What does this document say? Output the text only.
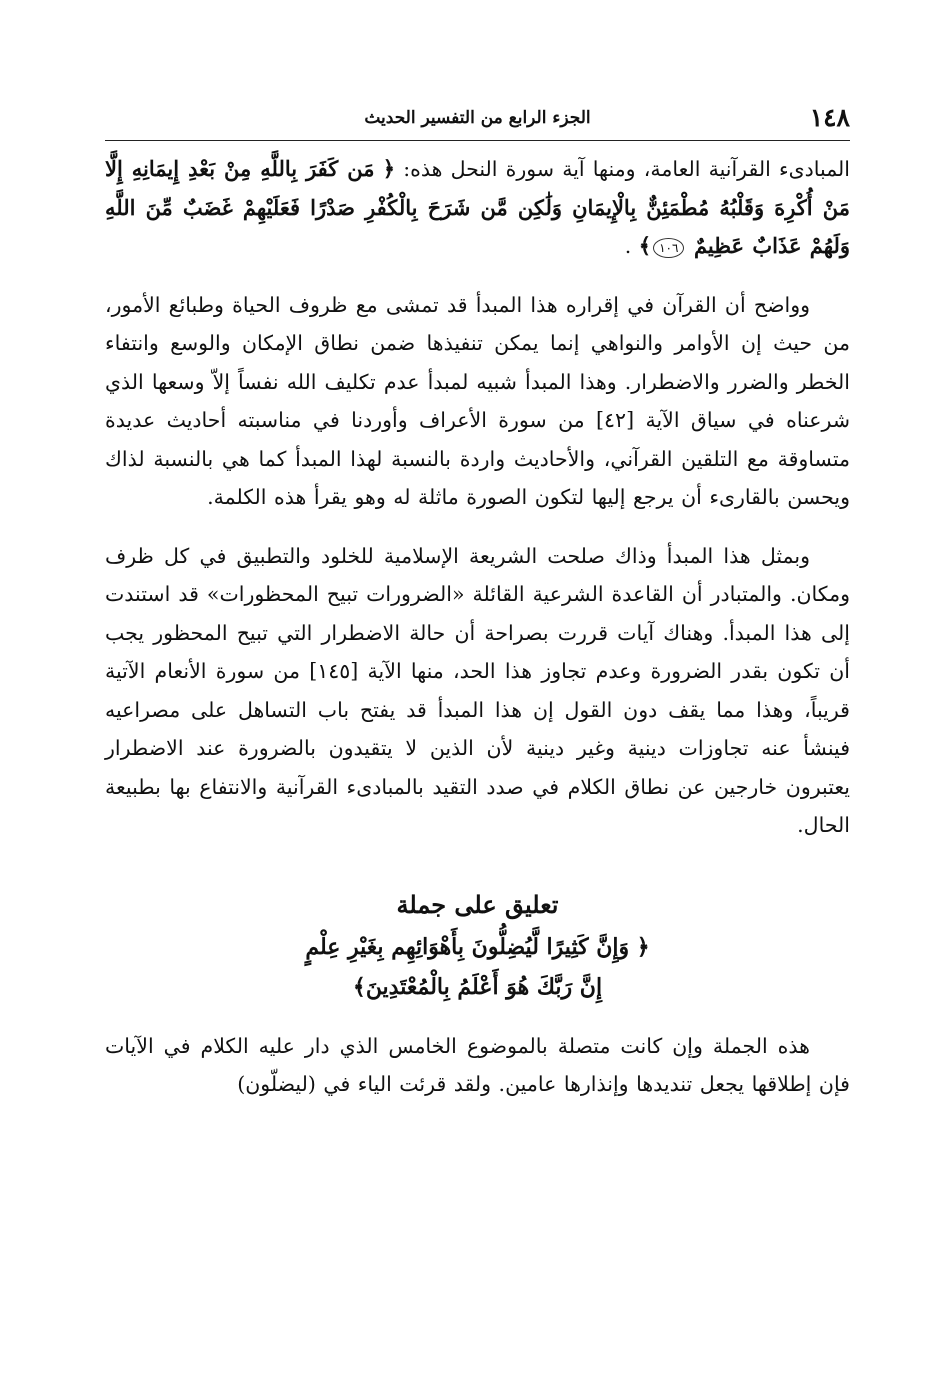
١٤٨
الجزء الرابع من التفسير الحديث

المبادىء القرآنية العامة، ومنها آية سورة النحل هذه: ﴿ مَن كَفَرَ بِاللَّهِ مِنْ بَعْدِ إِيمَانِهِ إِلَّا مَنْ أُكْرِهَ وَقَلْبُهُ مُطْمَئِنٌّ بِالْإِيمَانِ وَلَٰكِن مَّن شَرَحَ بِالْكُفْرِ صَدْرًا فَعَلَيْهِمْ غَضَبٌ مِّنَ اللَّهِ وَلَهُمْ عَذَابٌ عَظِيمٌ ١٠٦﴾ .

وواضح أن القرآن في إقراره هذا المبدأ قد تمشى مع ظروف الحياة وطبائع الأمور، من حيث إن الأوامر والنواهي إنما يمكن تنفيذها ضمن نطاق الإمكان والوسع وانتفاء الخطر والضرر والاضطرار. وهذا المبدأ شبيه لمبدأ عدم تكليف الله نفساً إلاّ وسعها الذي شرعناه في سياق الآية [٤٢] من سورة الأعراف وأوردنا في مناسبته أحاديث عديدة متساوقة مع التلقين القرآني، والأحاديث واردة بالنسبة لهذا المبدأ كما هي بالنسبة لذاك ويحسن بالقارىء أن يرجع إليها لتكون الصورة ماثلة له وهو يقرأ هذه الكلمة.

وبمثل هذا المبدأ وذاك صلحت الشريعة الإسلامية للخلود والتطبيق في كل ظرف ومكان. والمتبادر أن القاعدة الشرعية القائلة «الضرورات تبيح المحظورات» قد استندت إلى هذا المبدأ. وهناك آيات قررت بصراحة أن حالة الاضطرار التي تبيح المحظور يجب أن تكون بقدر الضرورة وعدم تجاوز هذا الحد، منها الآية [١٤٥] من سورة الأنعام الآتية قريباً، وهذا مما يقف دون القول إن هذا المبدأ قد يفتح باب التساهل على مصراعيه فينشأ عنه تجاوزات دينية وغير دينية لأن الذين لا يتقيدون بالضرورة عند الاضطرار يعتبرون خارجين عن نطاق الكلام في صدد التقيد بالمبادىء القرآنية والانتفاع بها بطبيعة الحال.

تعليق على جملة

﴿ وَإِنَّ كَثِيرًا لَّيُضِلُّونَ بِأَهْوَائِهِم بِغَيْرِ عِلْمٍ

إِنَّ رَبَّكَ هُوَ أَعْلَمُ بِالْمُعْتَدِينَ﴾

هذه الجملة وإن كانت متصلة بالموضوع الخامس الذي دار عليه الكلام في الآيات فإن إطلاقها يجعل تنديدها وإنذارها عامين. ولقد قرئت الياء في (ليضلّون)
